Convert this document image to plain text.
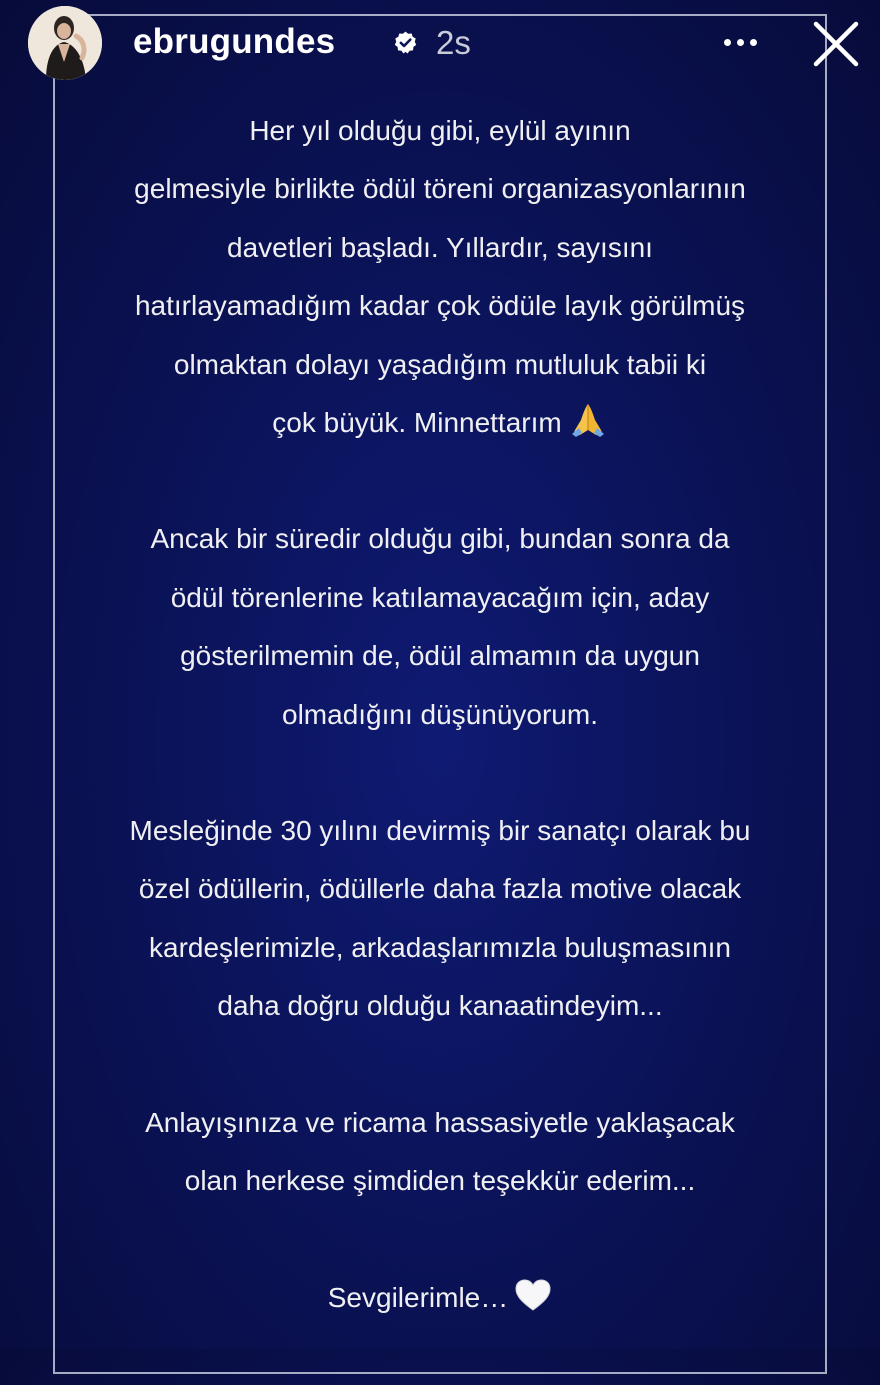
ebrugundes	2s

Her yıl olduğu gibi, eylül ayının
gelmesiyle birlikte ödül töreni organizasyonlarının
davetleri başladı. Yıllardır, sayısını
hatırlayamadığım kadar çok ödüle layık görülmüş
olmaktan dolayı yaşadığım mutluluk tabii ki
çok büyük. Minnettarım

Ancak bir süredir olduğu gibi, bundan sonra da
ödül törenlerine katılamayacağım için, aday
gösterilmemin de, ödül almamın da uygun
olmadığını düşünüyorum.

Mesleğinde 30 yılını devirmiş bir sanatçı olarak bu
özel ödüllerin, ödüllerle daha fazla motive olacak
kardeşlerimizle, arkadaşlarımızla buluşmasının
daha doğru olduğu kanaatindeyim...

Anlayışınıza ve ricama hassasiyetle yaklaşacak
olan herkese şimdiden teşekkür ederim...

Sevgilerimle…
